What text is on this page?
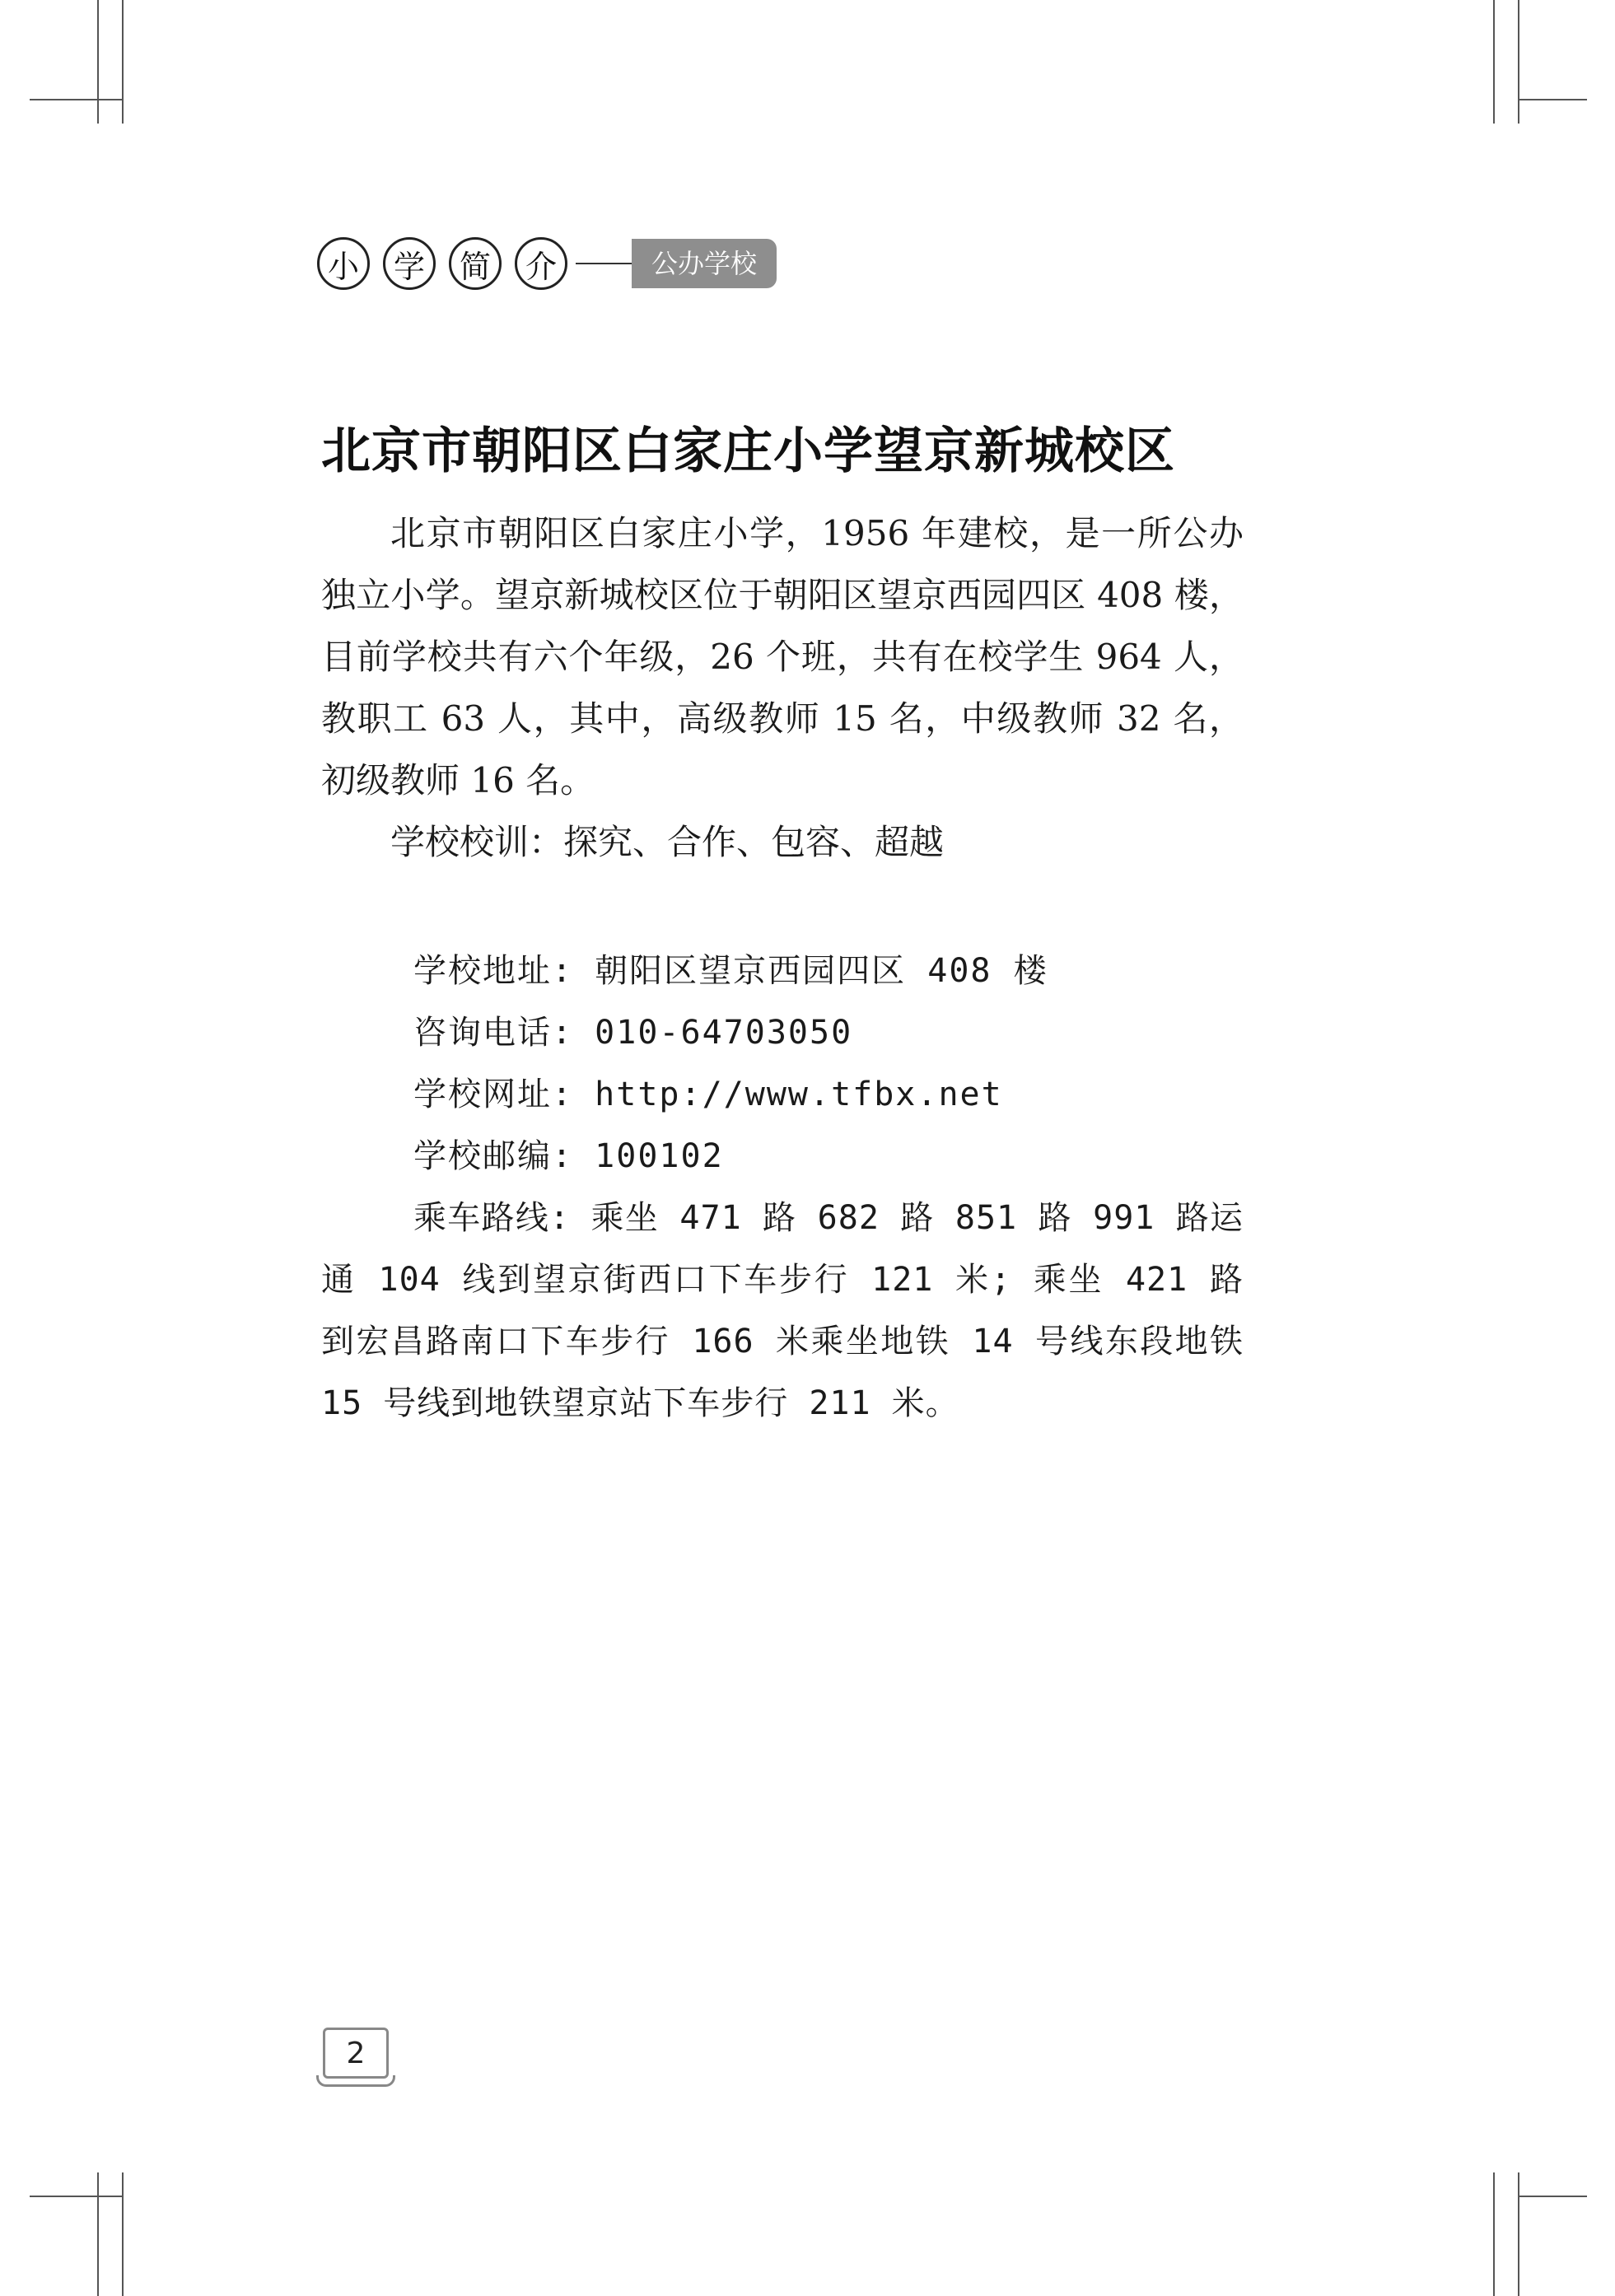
小	学	简	介	公办学校
北京市朝阳区白家庄小学望京新城校区

北京市朝阳区白家庄小学，1956 年建校，是一所公办独立小学。望京新城校区位于朝阳区望京西园四区 408 楼，目前学校共有六个年级，26 个班，共有在校学生 964 人，教职工 63 人，其中，高级教师 15 名，中级教师 32 名，初级教师 16 名。

学校校训：探究、合作、包容、超越

学校地址: 朝阳区望京西园四区 408 楼
咨询电话: 010-64703050
学校网址: http://www.tfbx.net
学校邮编: 100102

乘车路线: 乘坐 471 路 682 路 851 路 991 路运通 104 线到望京街西口下车步行 121 米; 乘坐 421 路到宏昌路南口下车步行 166 米乘坐地铁 14 号线东段地铁 15 号线到地铁望京站下车步行 211 米。

2
